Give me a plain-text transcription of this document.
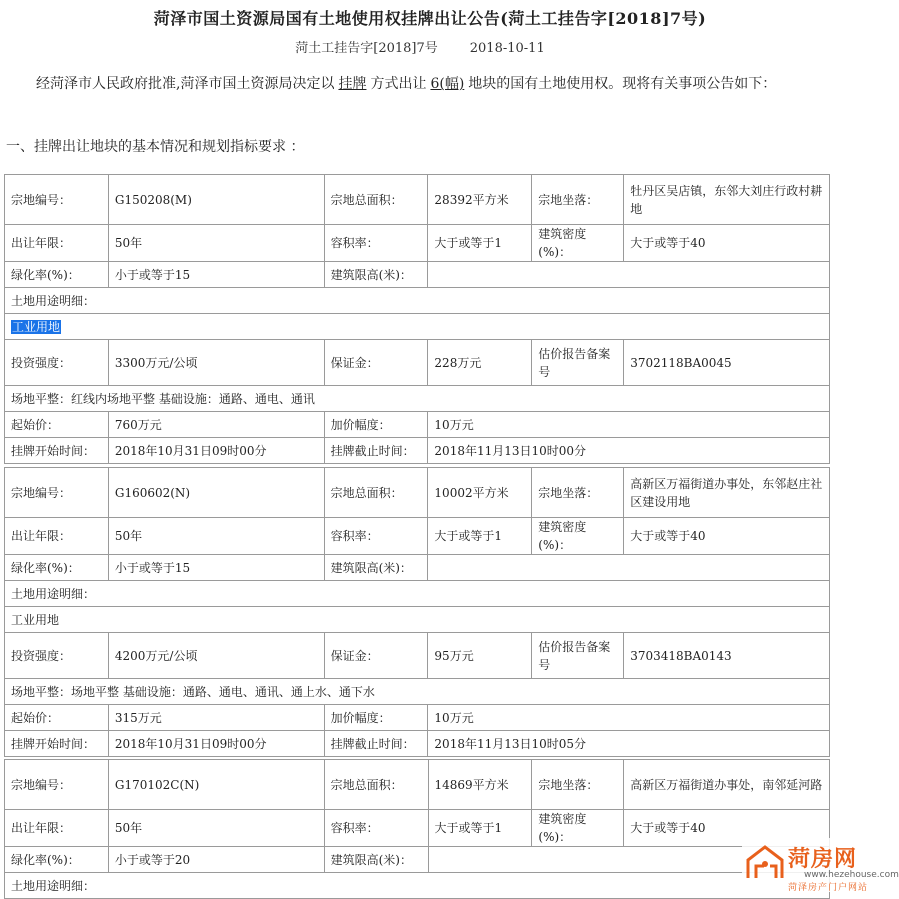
菏泽市国土资源局国有土地使用权挂牌出让公告(菏土工挂告字[2018]7号)
菏土工挂告字[2018]7号 2018-10-11
经菏泽市人民政府批准,菏泽市国土资源局决定以 挂牌 方式出让 6(幅) 地块的国有土地使用权。现将有关事项公告如下：
一、挂牌出让地块的基本情况和规划指标要求 ：
宗地编号：	G150208(M)	宗地总面积：	28392平方米	宗地坐落：	牡丹区吴店镇，东邻大刘庄行政村耕地
出让年限：	50年	容积率：	大于或等于1	建筑密度(%)：	大于或等于40
绿化率(%)：	小于或等于15	建筑限高(米)：			
土地用途明细：					
工业用地					
投资强度：	3300万元/公顷	保证金：	228万元	估价报告备案号	3702118BA0045
场地平整：红线内场地平整 基础设施：通路、通电、通讯					
起始价：	760万元	加价幅度：	10万元		
挂牌开始时间：	2018年10月31日09时00分	挂牌截止时间：	2018年11月13日10时00分		
宗地编号：	G160602(N)	宗地总面积：	10002平方米	宗地坐落：	高新区万福街道办事处，东邻赵庄社区建设用地
出让年限：	50年	容积率：	大于或等于1	建筑密度(%)：	大于或等于40
绿化率(%)：	小于或等于15	建筑限高(米)：			
土地用途明细：					
工业用地					
投资强度：	4200万元/公顷	保证金：	95万元	估价报告备案号	3703418BA0143
场地平整：场地平整 基础设施：通路、通电、通讯、通上水、通下水					
起始价：	315万元	加价幅度：	10万元		
挂牌开始时间：	2018年10月31日09时00分	挂牌截止时间：	2018年11月13日10时05分		
宗地编号：	G170102C(N)	宗地总面积：	14869平方米	宗地坐落：	高新区万福街道办事处，南邻延河路
出让年限：	50年	容积率：	大于或等于1	建筑密度(%)：	大于或等于40
绿化率(%)：	小于或等于20	建筑限高(米)：			
土地用途明细：					
菏房网
www.hezehouse.com
菏泽房产门户网站
